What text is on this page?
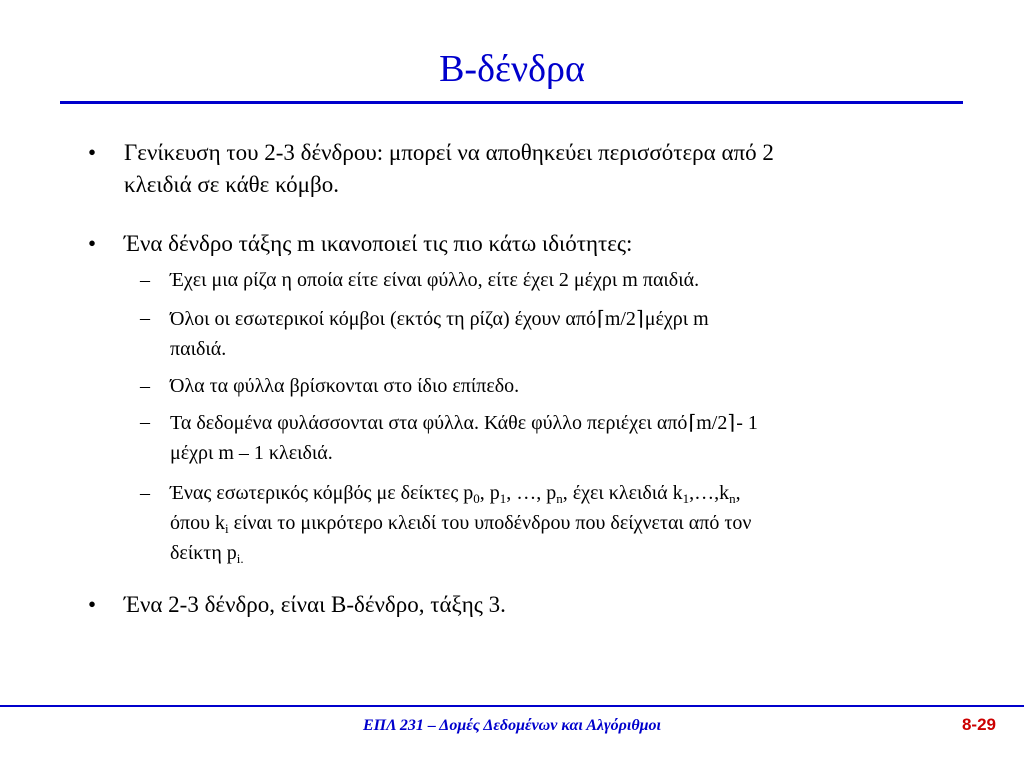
Β-δένδρα
• Γενίκευση του 2-3 δένδρου: μπορεί να αποθηκεύει περισσότερα από 2
κλειδιά σε κάθε κόμβο.
• Ένα δένδρο τάξης m ικανοποιεί τις πιο κάτω ιδιότητες:
– Έχει μια ρίζα η οποία είτε είναι φύλλο, είτε έχει 2 μέχρι m παιδιά.
– Όλοι οι εσωτερικοί κόμβοι (εκτός τη ρίζα) έχουν από⌈m/2⌉μέχρι m
παιδιά.
– Όλα τα φύλλα βρίσκονται στο ίδιο επίπεδο.
– Τα δεδομένα φυλάσσονται στα φύλλα. Κάθε φύλλο περιέχει από⌈m/2⌉- 1
μέχρι m – 1 κλειδιά.
– Ένας εσωτερικός κόμβός με δείκτες $p_0$, $p_1$, …, $p_n$, έχει κλειδιά $k_1,\dots,k_n$,
όπου $k_i$ είναι το μικρότερο κλειδί του υποδένδρου που δείχνεται από τον
δείκτη $p_{i.}$
• Ένα 2-3 δένδρο, είναι Β-δένδρο, τάξης 3.
ΕΠΛ 231 – Δομές Δεδομένων και Αλγόριθμοι	8-29
